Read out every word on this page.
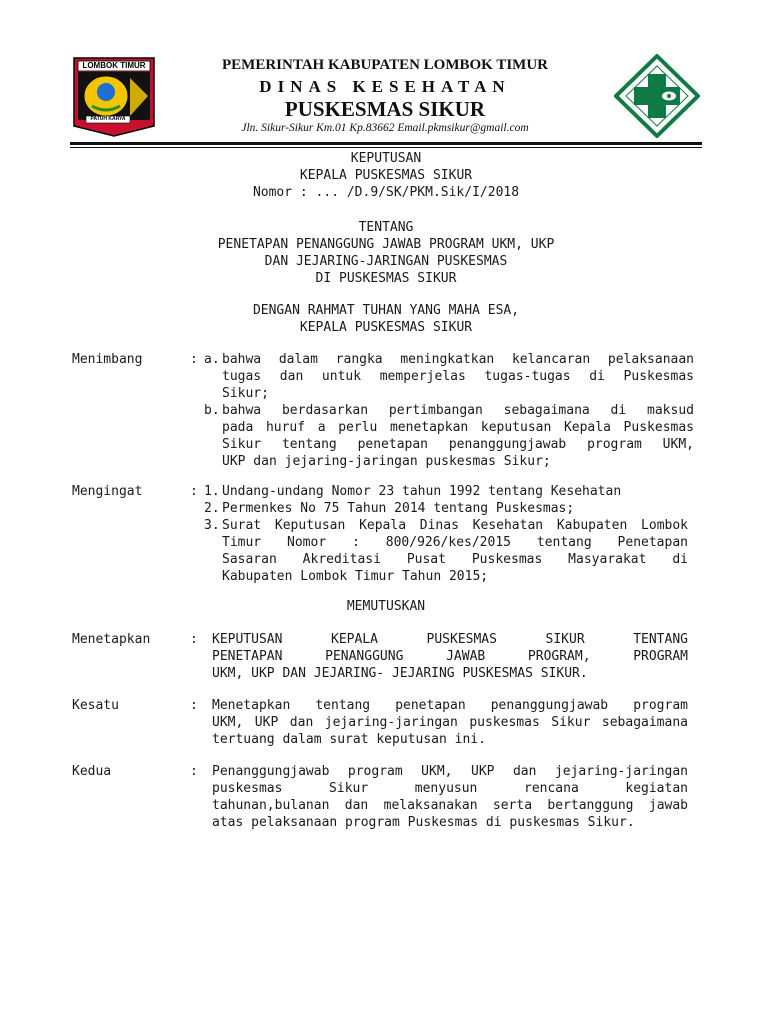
LOMBOK TIMUR
PATUH KARYA
PEMERINTAH KABUPATEN LOMBOK TIMUR
DINAS KESEHATAN
PUSKESMAS SIKUR
Jln. Sikur-Sikur Km.01 Kp.83662 Email.pkmsikur@gmail.com
KEPUTUSAN
KEPALA PUSKESMAS SIKUR
Nomor : ... /D.9/SK/PKM.Sik/I/2018
TENTANG
PENETAPAN PENANGGUNG JAWAB PROGRAM UKM, UKP
DAN JEJARING-JARINGAN PUSKESMAS
DI PUSKESMAS SIKUR
DENGAN RAHMAT TUHAN YANG MAHA ESA,
KEPALA PUSKESMAS SIKUR
Menimbang	: a. bahwa dalam rangka meningkatkan kelancaran pelaksanaan
tugas dan untuk memperjelas tugas-tugas di Puskesmas
Sikur;
b. bahwa berdasarkan pertimbangan sebagaimana di maksud
pada huruf a perlu menetapkan keputusan Kepala Puskesmas
Sikur tentang penetapan penanggungjawab program UKM,
UKP dan jejaring-jaringan puskesmas Sikur;
Mengingat	: 1. Undang-undang Nomor 23 tahun 1992 tentang Kesehatan
2. Permenkes No 75 Tahun 2014 tentang Puskesmas;
3. Surat Keputusan Kepala Dinas Kesehatan Kabupaten Lombok
Timur Nomor : 800/926/kes/2015 tentang Penetapan
Sasaran Akreditasi Pusat Puskesmas Masyarakat di
Kabupaten Lombok Timur Tahun 2015;
MEMUTUSKAN
Menetapkan	: KEPUTUSAN KEPALA PUSKESMAS SIKUR TENTANG
PENETAPAN PENANGGUNG JAWAB PROGRAM, PROGRAM
UKM, UKP DAN JEJARING- JEJARING PUSKESMAS SIKUR.
Kesatu	: Menetapkan tentang penetapan penanggungjawab program
UKM, UKP dan jejaring-jaringan puskesmas Sikur sebagaimana
tertuang dalam surat keputusan ini.
Kedua	: Penanggungjawab program UKM, UKP dan jejaring-jaringan
puskesmas Sikur menyusun rencana kegiatan
tahunan,bulanan dan melaksanakan serta bertanggung jawab
atas pelaksanaan program Puskesmas di puskesmas Sikur.
